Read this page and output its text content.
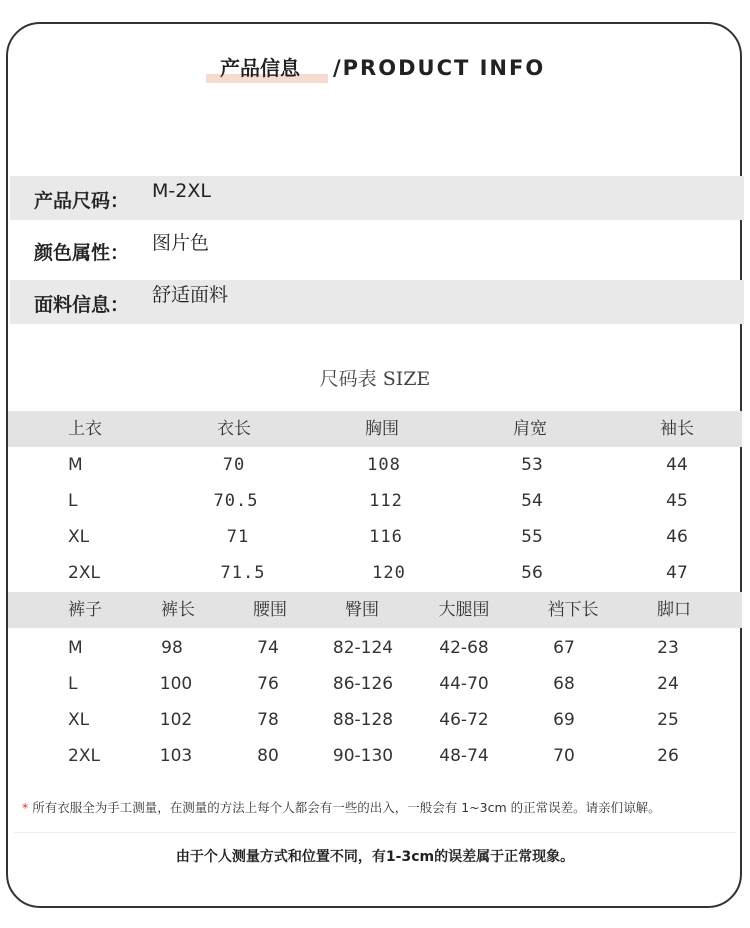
产品信息 /PRODUCT INFO
产品尺码： M-2XL
颜色属性： 图片色
面料信息： 舒适面料
尺码表 SIZE
上衣	衣长	胸围	肩宽	袖长
M	70	108	53	44
L	70.5	112	54	45
XL	71	116	55	46
2XL	71.5	120	56	47
裤子	裤长	腰围	臀围	大腿围	裆下长	脚口
M	98	74	82-124	42-68	67	23
L	100	76	86-126	44-70	68	24
XL	102	78	88-128	46-72	69	25
2XL	103	80	90-130	48-74	70	26
* 所有衣服全为手工测量，在测量的方法上每个人都会有一些的出入，一般会有 1~3cm 的正常误差。请亲们谅解。
由于个人测量方式和位置不同，有1-3cm的误差属于正常现象。
